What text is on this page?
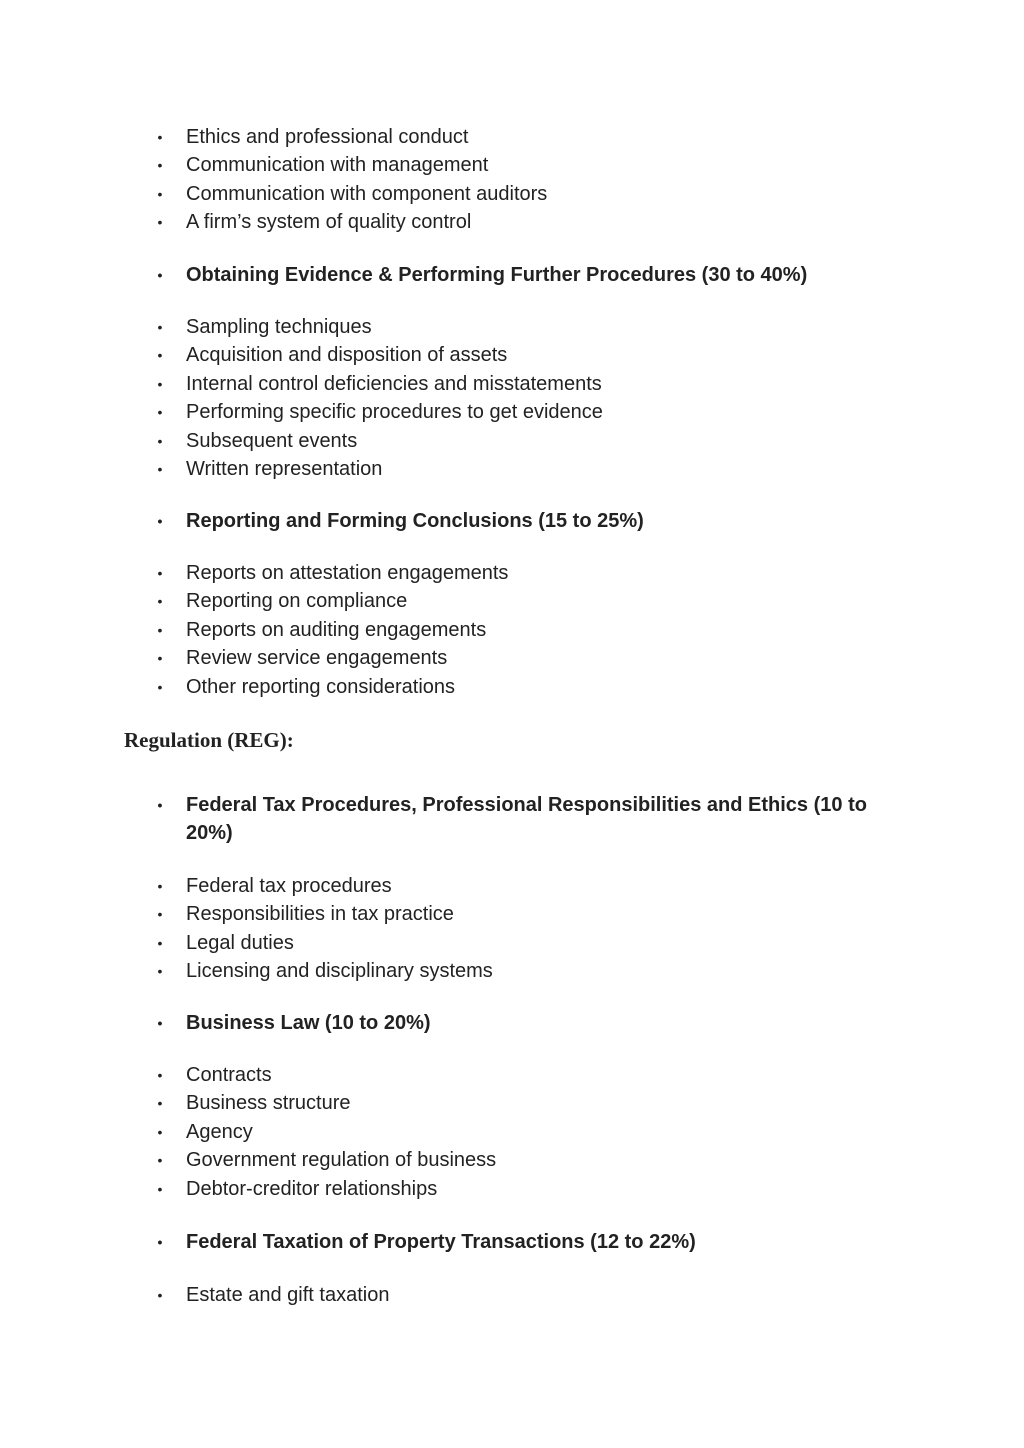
• Ethics and professional conduct
• Communication with management
• Communication with component auditors
• A firm’s system of quality control
• Obtaining Evidence & Performing Further Procedures (30 to 40%)
• Sampling techniques
• Acquisition and disposition of assets
• Internal control deficiencies and misstatements
• Performing specific procedures to get evidence
• Subsequent events
• Written representation
• Reporting and Forming Conclusions (15 to 25%)
• Reports on attestation engagements
• Reporting on compliance
• Reports on auditing engagements
• Review service engagements
• Other reporting considerations
Regulation (REG):
• Federal Tax Procedures, Professional Responsibilities and Ethics (10 to 20%)
• Federal tax procedures
• Responsibilities in tax practice
• Legal duties
• Licensing and disciplinary systems
• Business Law (10 to 20%)
• Contracts
• Business structure
• Agency
• Government regulation of business
• Debtor-creditor relationships
• Federal Taxation of Property Transactions (12 to 22%)
• Estate and gift taxation
